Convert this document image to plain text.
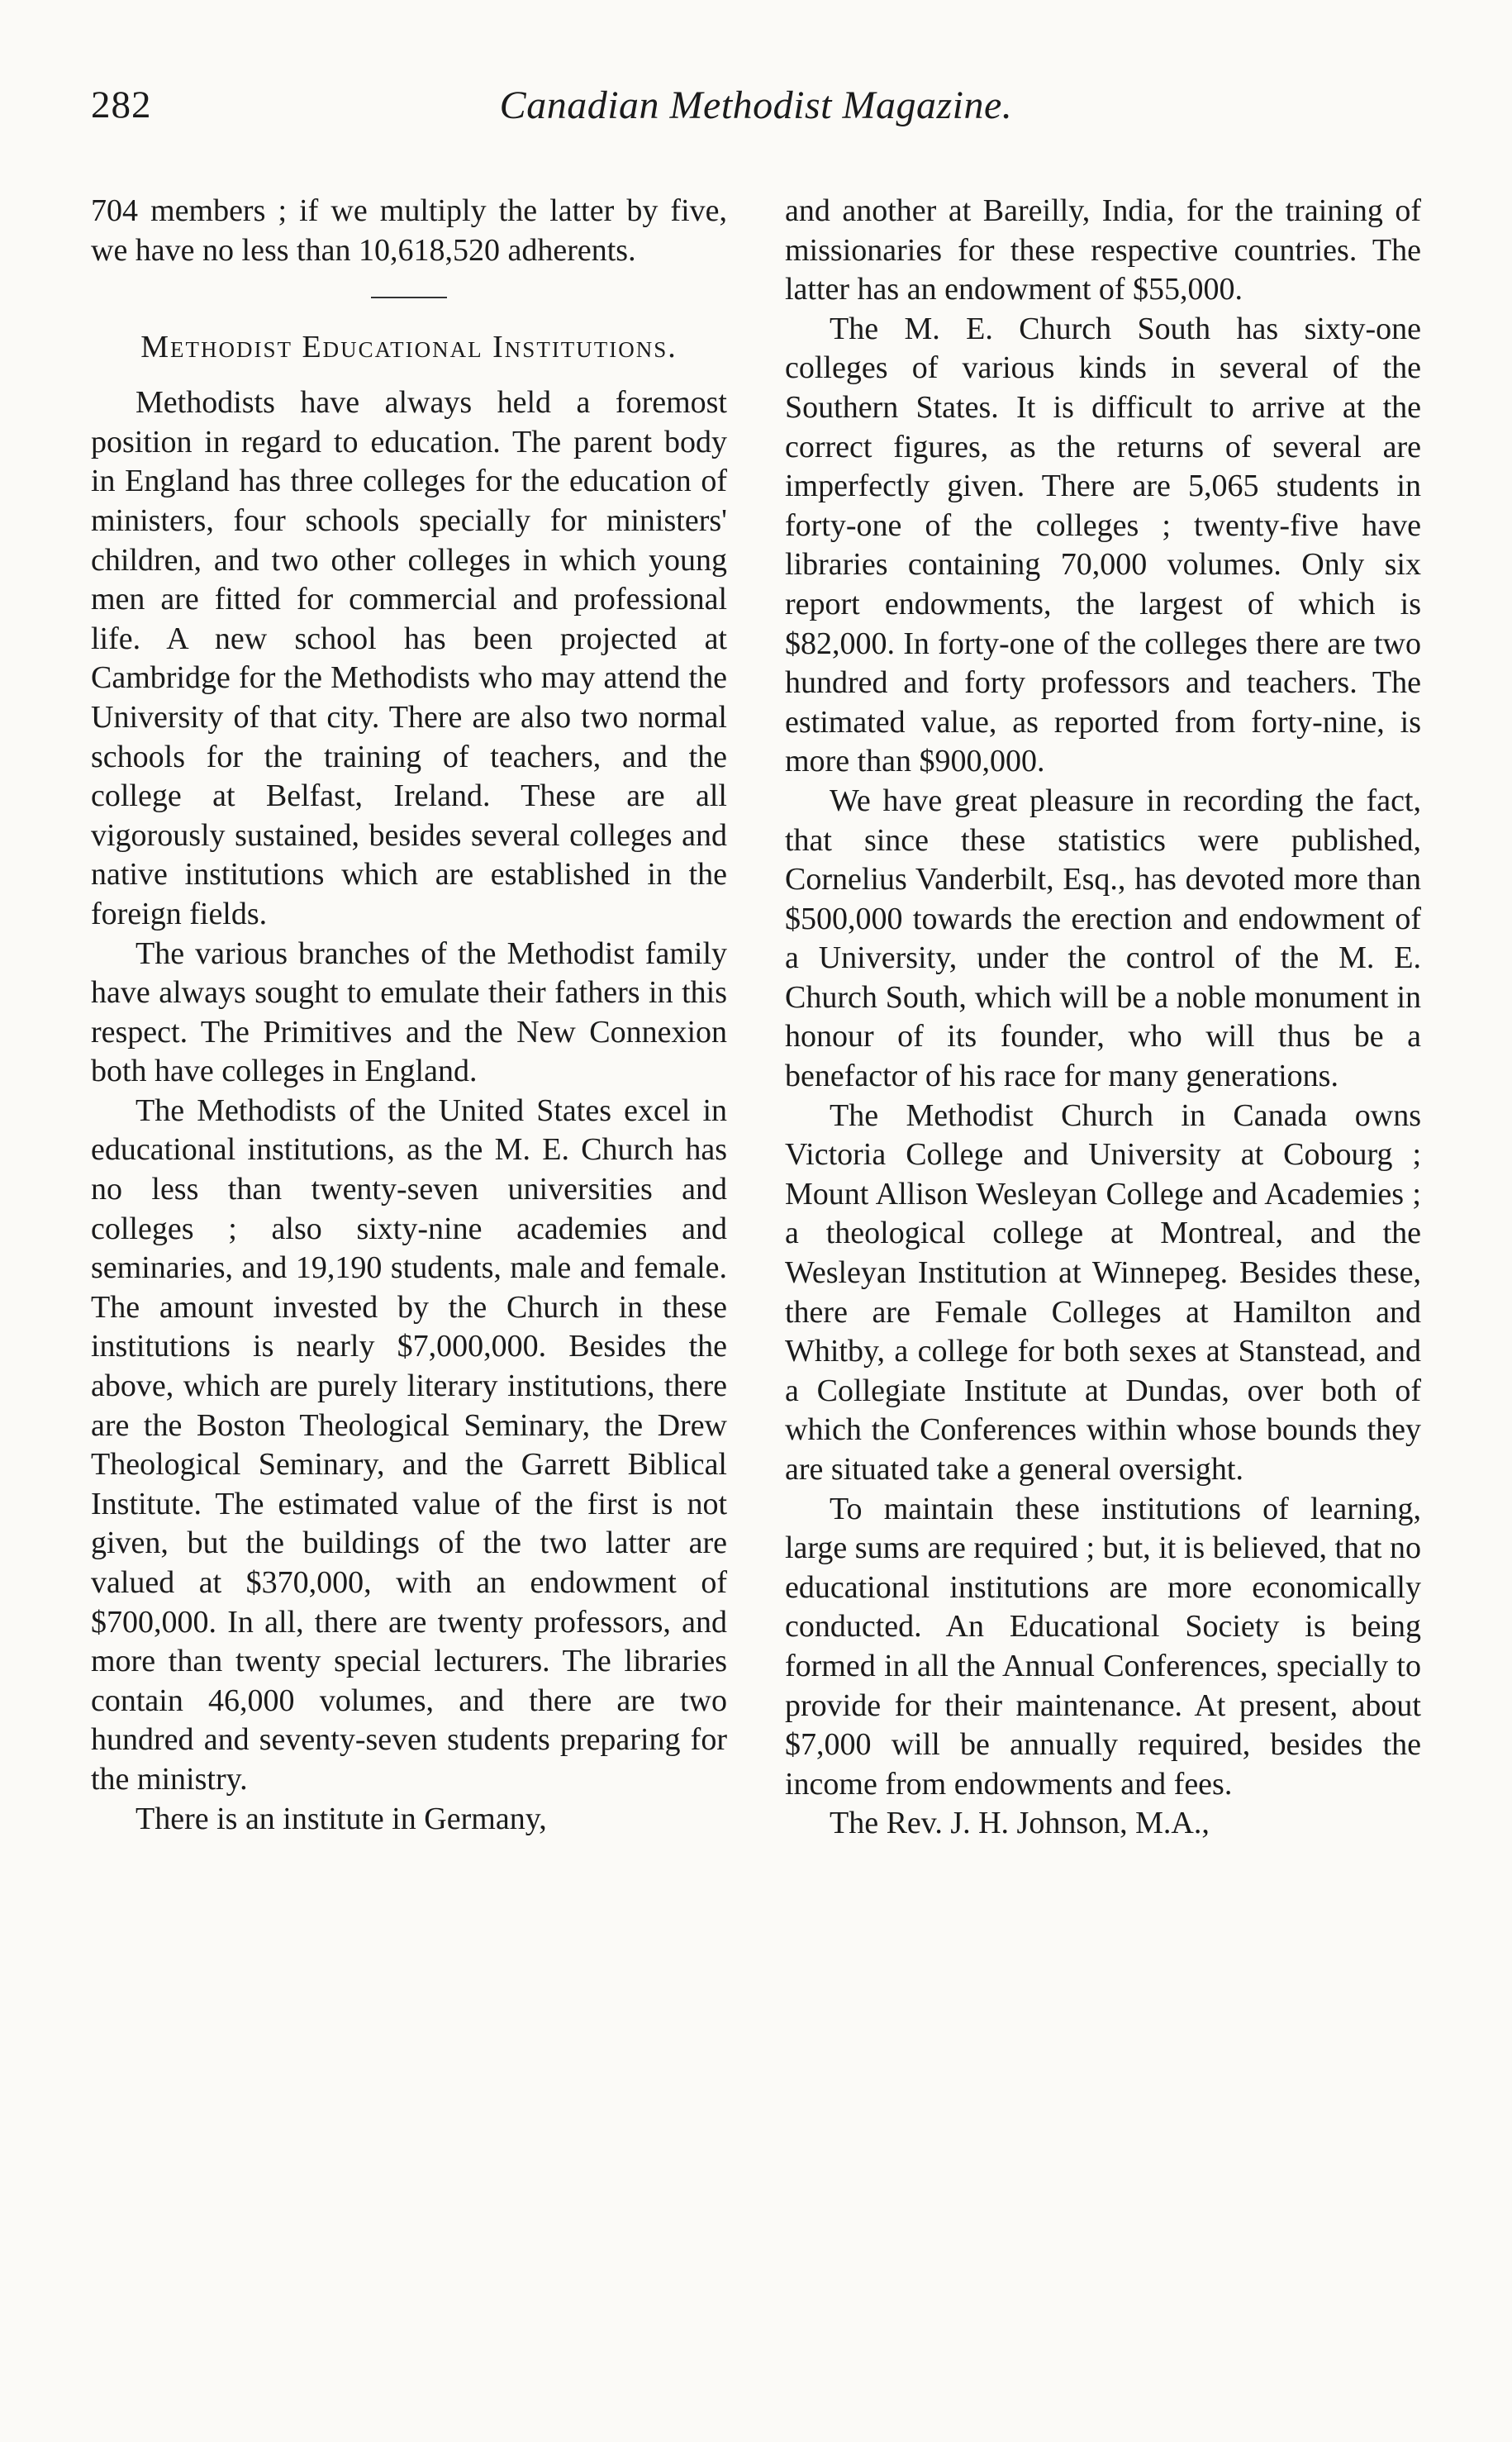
282	Canadian Methodist Magazine.

704 members ; if we multiply the latter by five, we have no less than 10,618,520 adherents.

Methodist Educational Institutions.

Methodists have always held a foremost position in regard to education. The parent body in England has three colleges for the education of ministers, four schools specially for ministers' children, and two other colleges in which young men are fitted for commercial and professional life. A new school has been projected at Cambridge for the Methodists who may attend the University of that city. There are also two normal schools for the training of teachers, and the college at Belfast, Ireland. These are all vigorously sustained, besides several colleges and native institutions which are established in the foreign fields.

The various branches of the Methodist family have always sought to emulate their fathers in this respect. The Primitives and the New Connexion both have colleges in England.

The Methodists of the United States excel in educational institutions, as the M. E. Church has no less than twenty-seven universities and colleges ; also sixty-nine academies and seminaries, and 19,190 students, male and female. The amount invested by the Church in these institutions is nearly $7,000,000. Besides the above, which are purely literary institutions, there are the Boston Theological Seminary, the Drew Theological Seminary, and the Garrett Biblical Institute. The estimated value of the first is not given, but the buildings of the two latter are valued at $370,000, with an endowment of $700,000. In all, there are twenty professors, and more than twenty special lecturers. The libraries contain 46,000 volumes, and there are two hundred and seventy-seven students preparing for the ministry.

There is an institute in Germany,

and another at Bareilly, India, for the training of missionaries for these respective countries. The latter has an endowment of $55,000.

The M. E. Church South has sixty-one colleges of various kinds in several of the Southern States. It is difficult to arrive at the correct figures, as the returns of several are imperfectly given. There are 5,065 students in forty-one of the colleges ; twenty-five have libraries containing 70,000 volumes. Only six report endowments, the largest of which is $82,000. In forty-one of the colleges there are two hundred and forty professors and teachers. The estimated value, as reported from forty-nine, is more than $900,000.

We have great pleasure in recording the fact, that since these statistics were published, Cornelius Vanderbilt, Esq., has devoted more than $500,000 towards the erection and endowment of a University, under the control of the M. E. Church South, which will be a noble monument in honour of its founder, who will thus be a benefactor of his race for many generations.

The Methodist Church in Canada owns Victoria College and University at Cobourg ; Mount Allison Wesleyan College and Academies ; a theological college at Montreal, and the Wesleyan Institution at Winnepeg. Besides these, there are Female Colleges at Hamilton and Whitby, a college for both sexes at Stanstead, and a Collegiate Institute at Dundas, over both of which the Conferences within whose bounds they are situated take a general oversight.

To maintain these institutions of learning, large sums are required ; but, it is believed, that no educational institutions are more economically conducted. An Educational Society is being formed in all the Annual Conferences, specially to provide for their maintenance. At present, about $7,000 will be annually required, besides the income from endowments and fees.

The Rev. J. H. Johnson, M.A.,
